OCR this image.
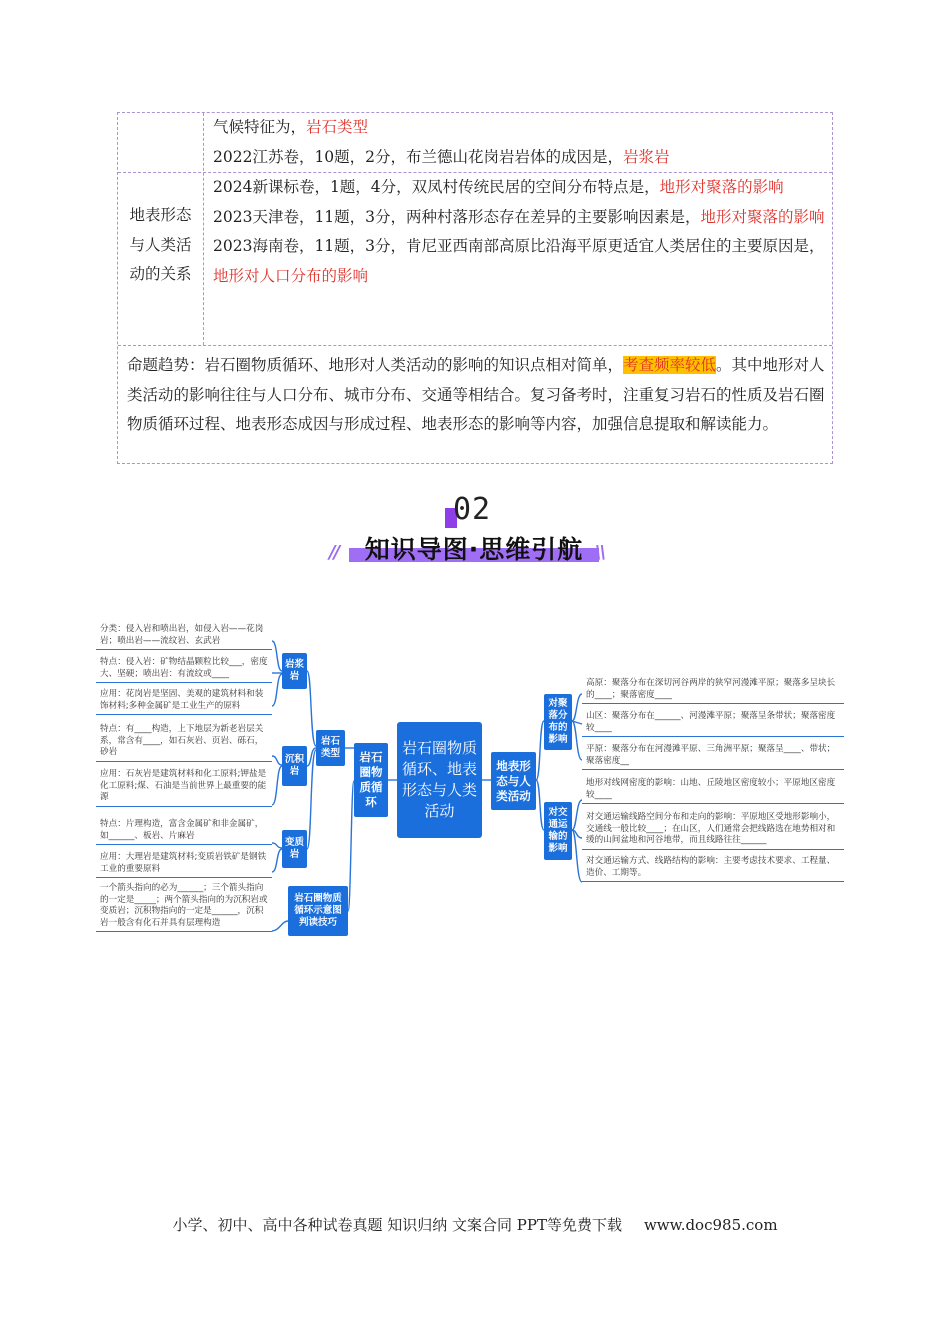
气候特征为，岩石类型

2022江苏卷，10题，2分，布兰德山花岗岩岩体的成因是，岩浆岩

地表形态
与人类活
动的关系

2024新课标卷，1题，4分，双凤村传统民居的空间分布特点是，地形对聚落的影响

2023天津卷，11题，3分，两种村落形态存在差异的主要影响因素是，地形对聚落的影响

2023海南卷，11题，3分，肯尼亚西南部高原比沿海平原更适宜人类居住的主要原因是，地形对人口分布的影响

命题趋势：岩石圈物质循环、地形对人类活动的影响的知识点相对简单，考查频率较低。其中地形对人类活动的影响往往与人口分布、城市分布、交通等相结合。复习备考时，注重复习岩石的性质及岩石圈物质循环过程、地表形态成因与形成过程、地表形态的影响等内容，加强信息提取和解读能力。

02
//	知识导图·思维引航 \\
分类：侵入岩和喷出岩，如侵入岩——花岗岩；喷出岩——流纹岩、玄武岩
特点：侵入岩：矿物结晶颗粒比较___，密度大、坚硬；喷出岩：有流纹或____
应用：花岗岩是坚固、美观的建筑材料和装饰材料;多种金属矿是工业生产的原料
特点：有____构造，上下地层为新老岩层关系，常含有____，如石灰岩、页岩、砾石，砂岩
应用：石灰岩是建筑材料和化工原料;钾盐是化工原料;煤、石油是当前世界上最重要的能源
特点：片理构造，富含金属矿和非金属矿，如______、板岩、片麻岩
应用：大理岩是建筑材料;变质岩铁矿是钢铁工业的重要原料
一个箭头指向的必为______；三个箭头指向的一定是_____；两个箭头指向的为沉积岩或变质岩；沉积物指向的一定是______，沉积岩一般含有化石并具有层理构造
岩浆岩
沉积岩
变质岩
岩石类型
岩石圈物质循环示意图判读技巧
岩石圈物质循环
岩石圈物质循环、地表形态与人类活动
地表形态与人类活动
对聚落分布的影响
对交通运输的影响
高原：聚落分布在深切河谷两岸的狭窄河漫滩平原；聚落多呈块长的____；聚落密度____
山区：聚落分布在______、河漫滩平原；聚落呈条带状；聚落密度较____
平原：聚落分布在河漫滩平原、三角洲平原；聚落呈____、带状；聚落密度__
地形对线网密度的影响：山地、丘陵地区密度较小；平原地区密度较____
对交通运输线路空间分布和走向的影响：平原地区受地形影响小，交通线一般比较____；在山区，人们通常会把线路选在地势相对和缓的山间盆地和河谷地带，而且线路往往______
对交通运输方式、线路结构的影响：主要考虑技术要求、工程量、造价、工期等。
小学、初中、高中各种试卷真题 知识归纳 文案合同 PPT等免费下载 www.doc985.com
